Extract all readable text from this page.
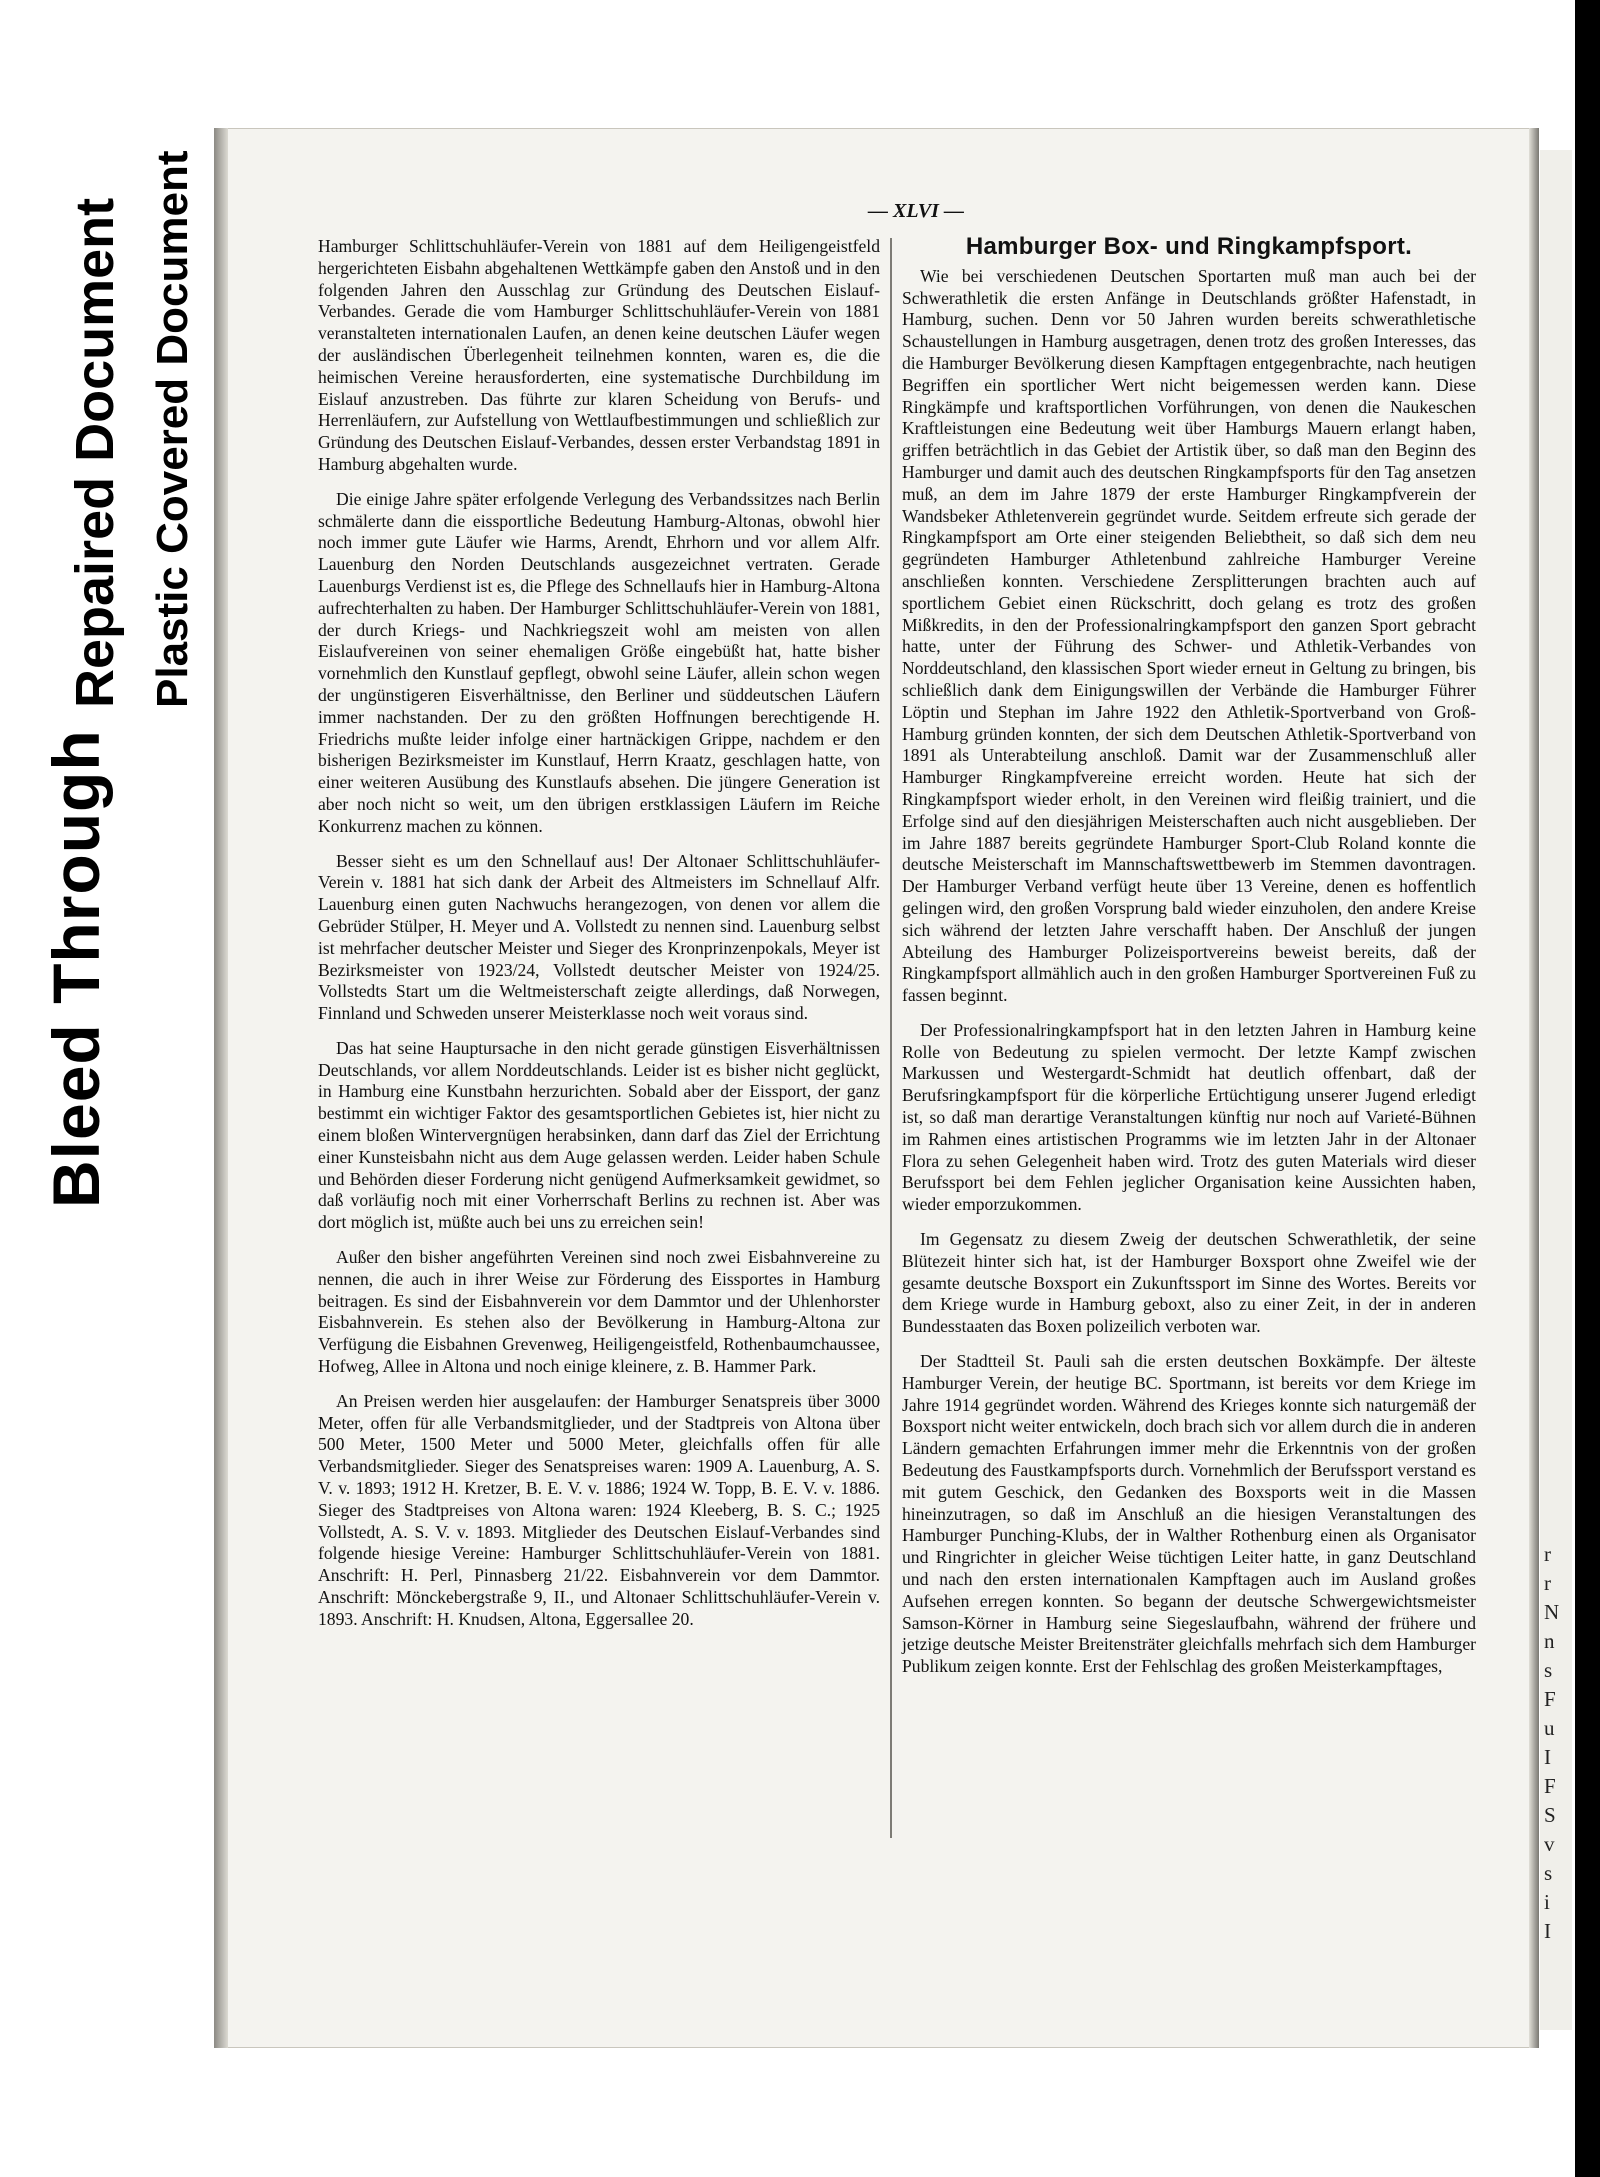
Bleed Through
Repaired Document Plastic Covered Document
r
r
N
n
s
F
u
I
F
S
v
s
i
I
— XLVI —

Hamburger Schlittschuhläufer-Verein von 1881 auf dem Heiligengeistfeld hergerichteten Eisbahn abgehaltenen Wettkämpfe gaben den Anstoß und in den folgenden Jahren den Ausschlag zur Gründung des Deutschen Eislauf-Verbandes. Gerade die vom Hamburger Schlittschuhläufer-Verein von 1881 veranstalteten internationalen Laufen, an denen keine deutschen Läufer wegen der ausländischen Überlegenheit teilnehmen konnten, waren es, die die heimischen Vereine herausforderten, eine systematische Durchbildung im Eislauf anzustreben. Das führte zur klaren Scheidung von Berufs- und Herrenläufern, zur Aufstellung von Wettlaufbestimmungen und schließlich zur Gründung des Deutschen Eislauf-Verbandes, dessen erster Verbandstag 1891 in Hamburg abgehalten wurde.

Die einige Jahre später erfolgende Verlegung des Verbandssitzes nach Berlin schmälerte dann die eissportliche Bedeutung Hamburg-Altonas, obwohl hier noch immer gute Läufer wie Harms, Arendt, Ehrhorn und vor allem Alfr. Lauenburg den Norden Deutschlands ausgezeichnet vertraten. Gerade Lauenburgs Verdienst ist es, die Pflege des Schnellaufs hier in Hamburg-Altona aufrechterhalten zu haben. Der Hamburger Schlittschuhläufer-Verein von 1881, der durch Kriegs- und Nachkriegszeit wohl am meisten von allen Eislaufvereinen von seiner ehemaligen Größe eingebüßt hat, hatte bisher vornehmlich den Kunstlauf gepflegt, obwohl seine Läufer, allein schon wegen der ungünstigeren Eisverhältnisse, den Berliner und süddeutschen Läufern immer nachstanden. Der zu den größten Hoffnungen berechtigende H. Friedrichs mußte leider infolge einer hartnäckigen Grippe, nachdem er den bisherigen Bezirksmeister im Kunstlauf, Herrn Kraatz, geschlagen hatte, von einer weiteren Ausübung des Kunstlaufs absehen. Die jüngere Generation ist aber noch nicht so weit, um den übrigen erstklassigen Läufern im Reiche Konkurrenz machen zu können.

Besser sieht es um den Schnellauf aus! Der Altonaer Schlittschuhläufer-Verein v. 1881 hat sich dank der Arbeit des Altmeisters im Schnellauf Alfr. Lauenburg einen guten Nachwuchs herangezogen, von denen vor allem die Gebrüder Stülper, H. Meyer und A. Vollstedt zu nennen sind. Lauenburg selbst ist mehrfacher deutscher Meister und Sieger des Kronprinzenpokals, Meyer ist Bezirksmeister von 1923/24, Vollstedt deutscher Meister von 1924/25. Vollstedts Start um die Weltmeisterschaft zeigte allerdings, daß Norwegen, Finnland und Schweden unserer Meisterklasse noch weit voraus sind.

Das hat seine Hauptursache in den nicht gerade günstigen Eisverhältnissen Deutschlands, vor allem Norddeutschlands. Leider ist es bisher nicht geglückt, in Hamburg eine Kunstbahn herzurichten. Sobald aber der Eissport, der ganz bestimmt ein wichtiger Faktor des gesamtsportlichen Gebietes ist, hier nicht zu einem bloßen Wintervergnügen herabsinken, dann darf das Ziel der Errichtung einer Kunsteisbahn nicht aus dem Auge gelassen werden. Leider haben Schule und Behörden dieser Forderung nicht genügend Aufmerksamkeit gewidmet, so daß vorläufig noch mit einer Vorherrschaft Berlins zu rechnen ist. Aber was dort möglich ist, müßte auch bei uns zu erreichen sein!

Außer den bisher angeführten Vereinen sind noch zwei Eisbahnvereine zu nennen, die auch in ihrer Weise zur Förderung des Eissportes in Hamburg beitragen. Es sind der Eisbahnverein vor dem Dammtor und der Uhlenhorster Eisbahnverein. Es stehen also der Bevölkerung in Hamburg-Altona zur Verfügung die Eisbahnen Grevenweg, Heiligengeistfeld, Rothenbaumchaussee, Hofweg, Allee in Altona und noch einige kleinere, z. B. Hammer Park.

An Preisen werden hier ausgelaufen: der Hamburger Senatspreis über 3000 Meter, offen für alle Verbandsmitglieder, und der Stadtpreis von Altona über 500 Meter, 1500 Meter und 5000 Meter, gleichfalls offen für alle Verbandsmitglieder. Sieger des Senatspreises waren: 1909 A. Lauenburg, A. S. V. v. 1893; 1912 H. Kretzer, B. E. V. v. 1886; 1924 W. Topp, B. E. V. v. 1886. Sieger des Stadtpreises von Altona waren: 1924 Kleeberg, B. S. C.; 1925 Vollstedt, A. S. V. v. 1893. Mitglieder des Deutschen Eislauf-Verbandes sind folgende hiesige Vereine: Hamburger Schlittschuhläufer-Verein von 1881. Anschrift: H. Perl, Pinnasberg 21/22. Eisbahnverein vor dem Dammtor. Anschrift: Mönckebergstraße 9, II., und Altonaer Schlittschuhläufer-Verein v. 1893. Anschrift: H. Knudsen, Altona, Eggersallee 20.

Hamburger Box- und Ringkampfsport.

Wie bei verschiedenen Deutschen Sportarten muß man auch bei der Schwerathletik die ersten Anfänge in Deutschlands größter Hafenstadt, in Hamburg, suchen. Denn vor 50 Jahren wurden bereits schwerathletische Schaustellungen in Hamburg ausgetragen, denen trotz des großen Interesses, das die Hamburger Bevölkerung diesen Kampftagen entgegenbrachte, nach heutigen Begriffen ein sportlicher Wert nicht beigemessen werden kann. Diese Ringkämpfe und kraftsportlichen Vorführungen, von denen die Naukeschen Kraftleistungen eine Bedeutung weit über Hamburgs Mauern erlangt haben, griffen beträchtlich in das Gebiet der Artistik über, so daß man den Beginn des Hamburger und damit auch des deutschen Ringkampfsports für den Tag ansetzen muß, an dem im Jahre 1879 der erste Hamburger Ringkampfverein der Wandsbeker Athletenverein gegründet wurde. Seitdem erfreute sich gerade der Ringkampfsport am Orte einer steigenden Beliebtheit, so daß sich dem neu gegründeten Hamburger Athletenbund zahlreiche Hamburger Vereine anschließen konnten. Verschiedene Zersplitterungen brachten auch auf sportlichem Gebiet einen Rückschritt, doch gelang es trotz des großen Mißkredits, in den der Professionalringkampfsport den ganzen Sport gebracht hatte, unter der Führung des Schwer- und Athletik-Verbandes von Norddeutschland, den klassischen Sport wieder erneut in Geltung zu bringen, bis schließlich dank dem Einigungswillen der Verbände die Hamburger Führer Löptin und Stephan im Jahre 1922 den Athletik-Sportverband von Groß-Hamburg gründen konnten, der sich dem Deutschen Athletik-Sportverband von 1891 als Unterabteilung anschloß. Damit war der Zusammenschluß aller Hamburger Ringkampfvereine erreicht worden. Heute hat sich der Ringkampfsport wieder erholt, in den Vereinen wird fleißig trainiert, und die Erfolge sind auf den diesjährigen Meisterschaften auch nicht ausgeblieben. Der im Jahre 1887 bereits gegründete Hamburger Sport-Club Roland konnte die deutsche Meisterschaft im Mannschaftswettbewerb im Stemmen davontragen. Der Hamburger Verband verfügt heute über 13 Vereine, denen es hoffentlich gelingen wird, den großen Vorsprung bald wieder einzuholen, den andere Kreise sich während der letzten Jahre verschafft haben. Der Anschluß der jungen Abteilung des Hamburger Polizeisportvereins beweist bereits, daß der Ringkampfsport allmählich auch in den großen Hamburger Sportvereinen Fuß zu fassen beginnt.

Der Professionalringkampfsport hat in den letzten Jahren in Hamburg keine Rolle von Bedeutung zu spielen vermocht. Der letzte Kampf zwischen Markussen und Westergardt-Schmidt hat deutlich offenbart, daß der Berufsringkampfsport für die körperliche Ertüchtigung unserer Jugend erledigt ist, so daß man derartige Veranstaltungen künftig nur noch auf Varieté-Bühnen im Rahmen eines artistischen Programms wie im letzten Jahr in der Altonaer Flora zu sehen Gelegenheit haben wird. Trotz des guten Materials wird dieser Berufssport bei dem Fehlen jeglicher Organisation keine Aussichten haben, wieder emporzukommen.

Im Gegensatz zu diesem Zweig der deutschen Schwerathletik, der seine Blütezeit hinter sich hat, ist der Hamburger Boxsport ohne Zweifel wie der gesamte deutsche Boxsport ein Zukunftssport im Sinne des Wortes. Bereits vor dem Kriege wurde in Hamburg geboxt, also zu einer Zeit, in der in anderen Bundesstaaten das Boxen polizeilich verboten war.

Der Stadtteil St. Pauli sah die ersten deutschen Boxkämpfe. Der älteste Hamburger Verein, der heutige BC. Sportmann, ist bereits vor dem Kriege im Jahre 1914 gegründet worden. Während des Krieges konnte sich naturgemäß der Boxsport nicht weiter entwickeln, doch brach sich vor allem durch die in anderen Ländern gemachten Erfahrungen immer mehr die Erkenntnis von der großen Bedeutung des Faustkampfsports durch. Vornehmlich der Berufssport verstand es mit gutem Geschick, den Gedanken des Boxsports weit in die Massen hineinzutragen, so daß im Anschluß an die hiesigen Veranstaltungen des Hamburger Punching-Klubs, der in Walther Rothenburg einen als Organisator und Ringrichter in gleicher Weise tüchtigen Leiter hatte, in ganz Deutschland und nach den ersten internationalen Kampftagen auch im Ausland großes Aufsehen erregen konnten. So begann der deutsche Schwergewichtsmeister Samson-Körner in Hamburg seine Siegeslaufbahn, während der frühere und jetzige deutsche Meister Breitensträter gleichfalls mehrfach sich dem Hamburger Publikum zeigen konnte. Erst der Fehlschlag des großen Meisterkampftages,
